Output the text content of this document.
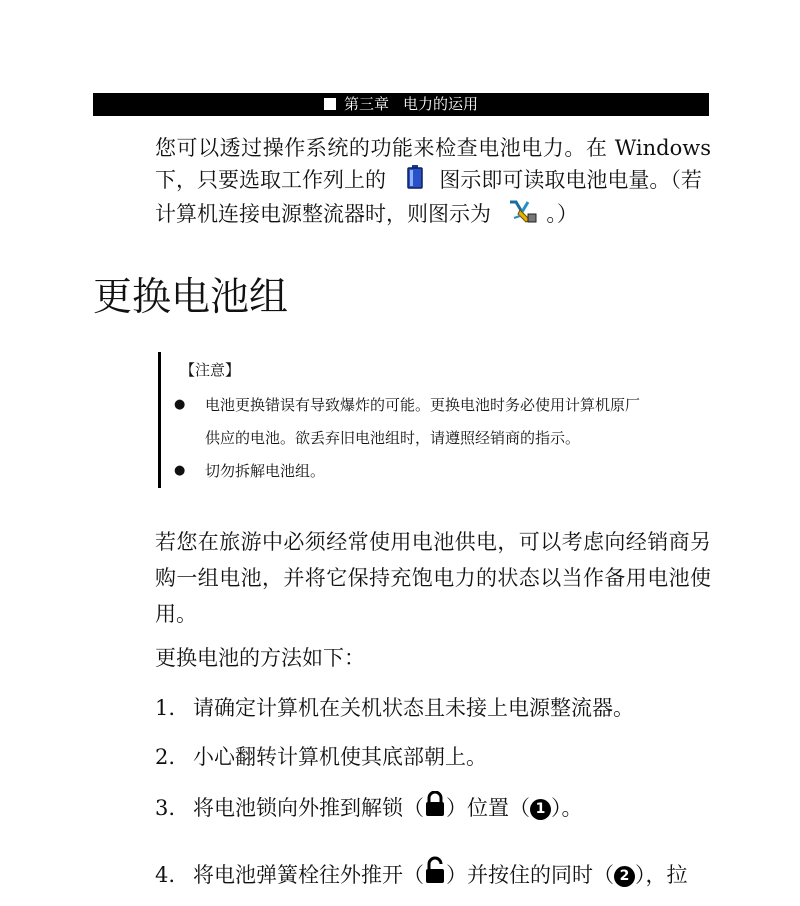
第三章 电力的运用
您可以透过操作系统的功能来检查电池电力。在 Windows
下，只要选取工作列上的	图示即可读取电池电量。（若
计算机连接电源整流器时，则图示为	。）
更换电池组
【注意】
● 电池更换错误有导致爆炸的可能。更换电池时务必使用计算机原厂
供应的电池。欲丢弃旧电池组时，请遵照经销商的指示。
● 切勿拆解电池组。
若您在旅游中必须经常使用电池供电，可以考虑向经销商另
购一组电池，并将它保持充饱电力的状态以当作备用电池使
用。
更换电池的方法如下：
1. 请确定计算机在关机状态且未接上电源整流器。
2. 小心翻转计算机使其底部朝上。
3. 将电池锁向外推到解锁（ ）位置（ 1 ）。
4. 将电池弹簧栓往外推开（ ）并按住的同时（ 2 ），拉
